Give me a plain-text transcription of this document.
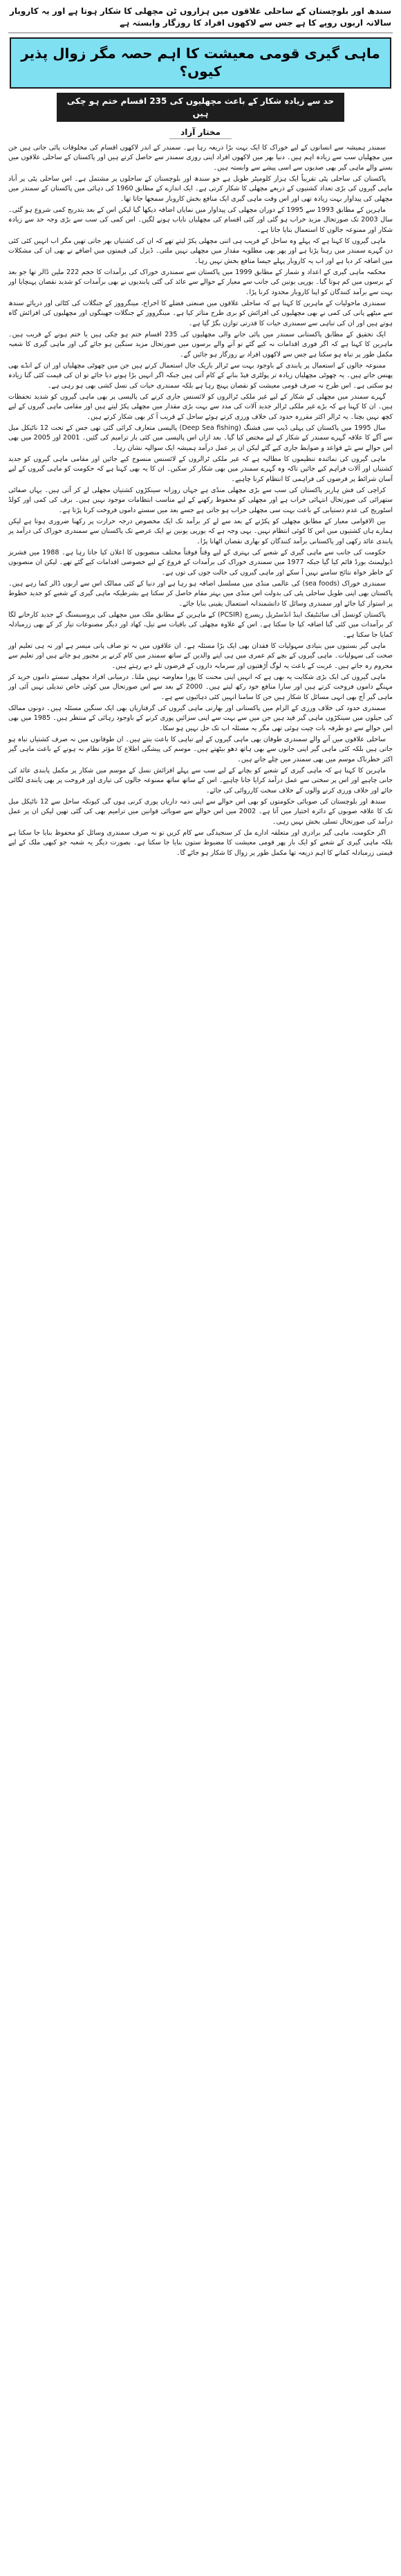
سندھ اور بلوچستان کے ساحلی علاقوں میں ہزاروں ٹن مچھلی کا شکار ہوتا ہے اور یہ کاروبار سالانہ اربوں روپے کا ہے جس سے لاکھوں افراد کا روزگار وابستہ ہے

ماہی گیری قومی معیشت کا اہم حصہ مگر زوال پذیر کیوں؟
حد سے زیادہ شکار کے باعث مچھلیوں کی 235 اقسام ختم ہو چکی ہیں
مختار آزاد

سمندر ہمیشہ سے انسانوں کے لیے خوراک کا ایک بہت بڑا ذریعہ رہا ہے۔ سمندر کے اندر لاکھوں اقسام کی مخلوقات پائی جاتی ہیں جن میں مچھلیاں سب سے زیادہ اہم ہیں۔ دنیا بھر میں لاکھوں افراد اپنی روزی سمندر سے حاصل کرتے ہیں اور پاکستان کے ساحلی علاقوں میں بسنے والے ماہی گیر بھی صدیوں سے اسی پیشے سے وابستہ ہیں۔

پاکستان کی ساحلی پٹی تقریباً ایک ہزار کلومیٹر طویل ہے جو سندھ اور بلوچستان کے ساحلوں پر مشتمل ہے۔ اس ساحلی پٹی پر آباد ماہی گیروں کی بڑی تعداد کشتیوں کے ذریعے مچھلی کا شکار کرتی ہے۔ ایک اندازے کے مطابق 1960 کی دہائی میں پاکستان کے سمندر میں مچھلی کی پیداوار بہت زیادہ تھی اور اس وقت ماہی گیری ایک منافع بخش کاروبار سمجھا جاتا تھا۔

ماہرین کے مطابق 1993 سے 1995 کے دوران مچھلی کی پیداوار میں نمایاں اضافہ دیکھا گیا لیکن اس کے بعد بتدریج کمی شروع ہو گئی۔ سال 2003 تک صورتحال مزید خراب ہو گئی اور کئی اقسام کی مچھلیاں نایاب ہونے لگیں۔ اس کمی کی سب سے بڑی وجہ حد سے زیادہ شکار اور ممنوعہ جالوں کا استعمال بتایا جاتا ہے۔

ماہی گیروں کا کہنا ہے کہ پہلے وہ ساحل کے قریب ہی اتنی مچھلی پکڑ لیتے تھے کہ ان کی کشتیاں بھر جاتی تھیں مگر اب انہیں کئی کئی دن گہرے سمندر میں رہنا پڑتا ہے اور پھر بھی مطلوبہ مقدار میں مچھلی نہیں ملتی۔ ڈیزل کی قیمتوں میں اضافے نے بھی ان کی مشکلات میں اضافہ کر دیا ہے اور اب یہ کاروبار پہلے جیسا منافع بخش نہیں رہا۔

محکمہ ماہی گیری کے اعداد و شمار کے مطابق 1999 میں پاکستان سے سمندری خوراک کی برآمدات کا حجم 222 ملین ڈالر تھا جو بعد کے برسوں میں کم ہوتا گیا۔ یورپی یونین کی جانب سے معیار کے حوالے سے عائد کی گئی پابندیوں نے بھی برآمدات کو شدید نقصان پہنچایا اور بہت سے برآمد کنندگان کو اپنا کاروبار محدود کرنا پڑا۔

سمندری ماحولیات کے ماہرین کا کہنا ہے کہ ساحلی علاقوں میں صنعتی فضلے کا اخراج، مینگرووز کے جنگلات کی کٹائی اور دریائے سندھ سے میٹھے پانی کی کمی نے بھی مچھلیوں کی افزائش کو بری طرح متاثر کیا ہے۔ مینگرووز کے جنگلات جھینگوں اور مچھلیوں کی افزائش گاہ ہوتے ہیں اور ان کی تباہی سے سمندری حیات کا قدرتی توازن بگڑ گیا ہے۔

ایک تحقیق کے مطابق پاکستانی سمندر میں پائی جانے والی مچھلیوں کی 235 اقسام ختم ہو چکی ہیں یا ختم ہونے کے قریب ہیں۔ ماہرین کا کہنا ہے کہ اگر فوری اقدامات نہ کیے گئے تو آنے والے برسوں میں صورتحال مزید سنگین ہو جائے گی اور ماہی گیری کا شعبہ مکمل طور پر تباہ ہو سکتا ہے جس سے لاکھوں افراد بے روزگار ہو جائیں گے۔

ممنوعہ جالوں کے استعمال پر پابندی کے باوجود بہت سے ٹرالر باریک جال استعمال کرتے ہیں جن میں چھوٹی مچھلیاں اور ان کے انڈے بھی پھنس جاتے ہیں۔ یہ چھوٹی مچھلیاں زیادہ تر پولٹری فیڈ بنانے کے کام آتی ہیں جبکہ اگر انہیں بڑا ہونے دیا جائے تو ان کی قیمت کئی گنا زیادہ ہو سکتی ہے۔ اس طرح نہ صرف قومی معیشت کو نقصان پہنچ رہا ہے بلکہ سمندری حیات کی نسل کشی بھی ہو رہی ہے۔

گہرے سمندر میں مچھلی کے شکار کے لیے غیر ملکی ٹرالروں کو لائسنس جاری کرنے کی پالیسی پر بھی ماہی گیروں کو شدید تحفظات ہیں۔ ان کا کہنا ہے کہ بڑے غیر ملکی ٹرالر جدید آلات کی مدد سے بہت بڑی مقدار میں مچھلی پکڑ لیتے ہیں اور مقامی ماہی گیروں کے لیے کچھ نہیں بچتا۔ یہ ٹرالر اکثر مقررہ حدود کی خلاف ورزی کرتے ہوئے ساحل کے قریب آ کر بھی شکار کرتے ہیں۔

سال 1995 میں پاکستان کی پہلی ڈیپ سی فشنگ (Deep Sea fishing) پالیسی متعارف کرائی گئی تھی جس کے تحت 12 ناٹیکل میل سے آگے کا علاقہ گہرے سمندر کے شکار کے لیے مختص کیا گیا۔ بعد ازاں اس پالیسی میں کئی بار ترامیم کی گئیں۔ 2001 اور 2005 میں بھی اس حوالے سے نئے قواعد و ضوابط جاری کیے گئے لیکن ان پر عمل درآمد ہمیشہ ایک سوالیہ نشان رہا۔

ماہی گیروں کی نمائندہ تنظیموں کا مطالبہ ہے کہ غیر ملکی ٹرالروں کے لائسنس منسوخ کیے جائیں اور مقامی ماہی گیروں کو جدید کشتیاں اور آلات فراہم کیے جائیں تاکہ وہ گہرے سمندر میں بھی شکار کر سکیں۔ ان کا یہ بھی کہنا ہے کہ حکومت کو ماہی گیروں کے لیے آسان شرائط پر قرضوں کی فراہمی کا انتظام کرنا چاہیے۔

کراچی کی فش ہاربر پاکستان کی سب سے بڑی مچھلی منڈی ہے جہاں روزانہ سینکڑوں کشتیاں مچھلی لے کر آتی ہیں۔ یہاں صفائی ستھرائی کی صورتحال انتہائی خراب ہے اور مچھلی کو محفوظ رکھنے کے لیے مناسب انتظامات موجود نہیں ہیں۔ برف کی کمی اور کولڈ اسٹوریج کی عدم دستیابی کے باعث بہت سی مچھلی خراب ہو جاتی ہے جسے بعد میں سستے داموں فروخت کرنا پڑتا ہے۔

بین الاقوامی معیار کے مطابق مچھلی کو پکڑنے کے بعد سے لے کر برآمد تک ایک مخصوص درجہ حرارت پر رکھنا ضروری ہوتا ہے لیکن ہمارے ہاں کشتیوں میں اس کا کوئی انتظام نہیں۔ یہی وجہ ہے کہ یورپی یونین نے ایک عرصے تک پاکستان سے سمندری خوراک کی درآمد پر پابندی عائد رکھی اور پاکستانی برآمد کنندگان کو بھاری نقصان اٹھانا پڑا۔

حکومت کی جانب سے ماہی گیری کے شعبے کی بہتری کے لیے وقتاً فوقتاً مختلف منصوبوں کا اعلان کیا جاتا رہا ہے۔ 1988 میں فشریز ڈیولپمنٹ بورڈ قائم کیا گیا جبکہ 1977 میں سمندری خوراک کی برآمدات کے فروغ کے لیے خصوصی اقدامات کیے گئے تھے۔ لیکن ان منصوبوں کے خاطر خواہ نتائج سامنے نہیں آ سکے اور ماہی گیروں کی حالت جوں کی توں ہے۔

سمندری خوراک (sea foods) کی عالمی منڈی میں مسلسل اضافہ ہو رہا ہے اور دنیا کے کئی ممالک اس سے اربوں ڈالر کما رہے ہیں۔ پاکستان بھی اپنی طویل ساحلی پٹی کی بدولت اس منڈی میں بہتر مقام حاصل کر سکتا ہے بشرطیکہ ماہی گیری کے شعبے کو جدید خطوط پر استوار کیا جائے اور سمندری وسائل کا دانشمندانہ استعمال یقینی بنایا جائے۔

پاکستان کونسل آف سائنٹیفک اینڈ انڈسٹریل ریسرچ (PCSIR) کے ماہرین کے مطابق ملک میں مچھلی کی پروسیسنگ کے جدید کارخانے لگا کر برآمدات میں کئی گنا اضافہ کیا جا سکتا ہے۔ اس کے علاوہ مچھلی کی باقیات سے تیل، کھاد اور دیگر مصنوعات تیار کر کے بھی زرمبادلہ کمایا جا سکتا ہے۔

ماہی گیر بستیوں میں بنیادی سہولیات کا فقدان بھی ایک بڑا مسئلہ ہے۔ ان علاقوں میں نہ تو صاف پانی میسر ہے اور نہ ہی تعلیم اور صحت کی سہولیات۔ ماہی گیروں کے بچے کم عمری میں ہی اپنے والدین کے ساتھ سمندر میں کام کرنے پر مجبور ہو جاتے ہیں اور تعلیم سے محروم رہ جاتے ہیں۔ غربت کے باعث یہ لوگ آڑھتیوں اور سرمایہ داروں کے قرضوں تلے دبے رہتے ہیں۔

ماہی گیروں کی ایک بڑی شکایت یہ بھی ہے کہ انہیں اپنی محنت کا پورا معاوضہ نہیں ملتا۔ درمیانی افراد مچھلی سستے داموں خرید کر مہنگے داموں فروخت کرتے ہیں اور سارا منافع خود رکھ لیتے ہیں۔ 2000 کے بعد سے اس صورتحال میں کوئی خاص تبدیلی نہیں آئی اور ماہی گیر آج بھی انہی مسائل کا شکار ہیں جن کا سامنا انہیں کئی دہائیوں سے ہے۔

سمندری حدود کی خلاف ورزی کے الزام میں پاکستانی اور بھارتی ماہی گیروں کی گرفتاریاں بھی ایک سنگین مسئلہ ہیں۔ دونوں ممالک کی جیلوں میں سینکڑوں ماہی گیر قید ہیں جن میں سے بہت سے اپنی سزائیں پوری کرنے کے باوجود رہائی کے منتظر ہیں۔ 1985 میں بھی اس حوالے سے دو طرفہ بات چیت ہوئی تھی مگر یہ مسئلہ اب تک حل نہیں ہو سکا۔

ساحلی علاقوں میں آنے والے سمندری طوفان بھی ماہی گیروں کے لیے تباہی کا باعث بنتے ہیں۔ ان طوفانوں میں نہ صرف کشتیاں تباہ ہو جاتی ہیں بلکہ کئی ماہی گیر اپنی جانوں سے بھی ہاتھ دھو بیٹھتے ہیں۔ موسم کی پیشگی اطلاع کا مؤثر نظام نہ ہونے کے باعث ماہی گیر اکثر خطرناک موسم میں بھی سمندر میں چلے جاتے ہیں۔

ماہرین کا کہنا ہے کہ ماہی گیری کے شعبے کو بچانے کے لیے سب سے پہلے افزائش نسل کے موسم میں شکار پر مکمل پابندی عائد کی جانی چاہیے اور اس پر سختی سے عمل درآمد کرایا جانا چاہیے۔ اس کے ساتھ ساتھ ممنوعہ جالوں کی تیاری اور فروخت پر بھی پابندی لگائی جائے اور خلاف ورزی کرنے والوں کے خلاف سخت کارروائی کی جائے۔

سندھ اور بلوچستان کی صوبائی حکومتوں کو بھی اس حوالے سے اپنی ذمہ داریاں پوری کرنی ہوں گی کیونکہ ساحل سے 12 ناٹیکل میل تک کا علاقہ صوبوں کے دائرہ اختیار میں آتا ہے۔ 2002 میں اس حوالے سے صوبائی قوانین میں ترامیم بھی کی گئی تھیں لیکن ان پر عمل درآمد کی صورتحال تسلی بخش نہیں رہی۔

اگر حکومت، ماہی گیر برادری اور متعلقہ ادارے مل کر سنجیدگی سے کام کریں تو نہ صرف سمندری وسائل کو محفوظ بنایا جا سکتا ہے بلکہ ماہی گیری کے شعبے کو ایک بار پھر قومی معیشت کا مضبوط ستون بنایا جا سکتا ہے۔ بصورت دیگر یہ شعبہ جو کبھی ملک کے لیے قیمتی زرمبادلہ کمانے کا اہم ذریعہ تھا مکمل طور پر زوال کا شکار ہو جائے گا۔
